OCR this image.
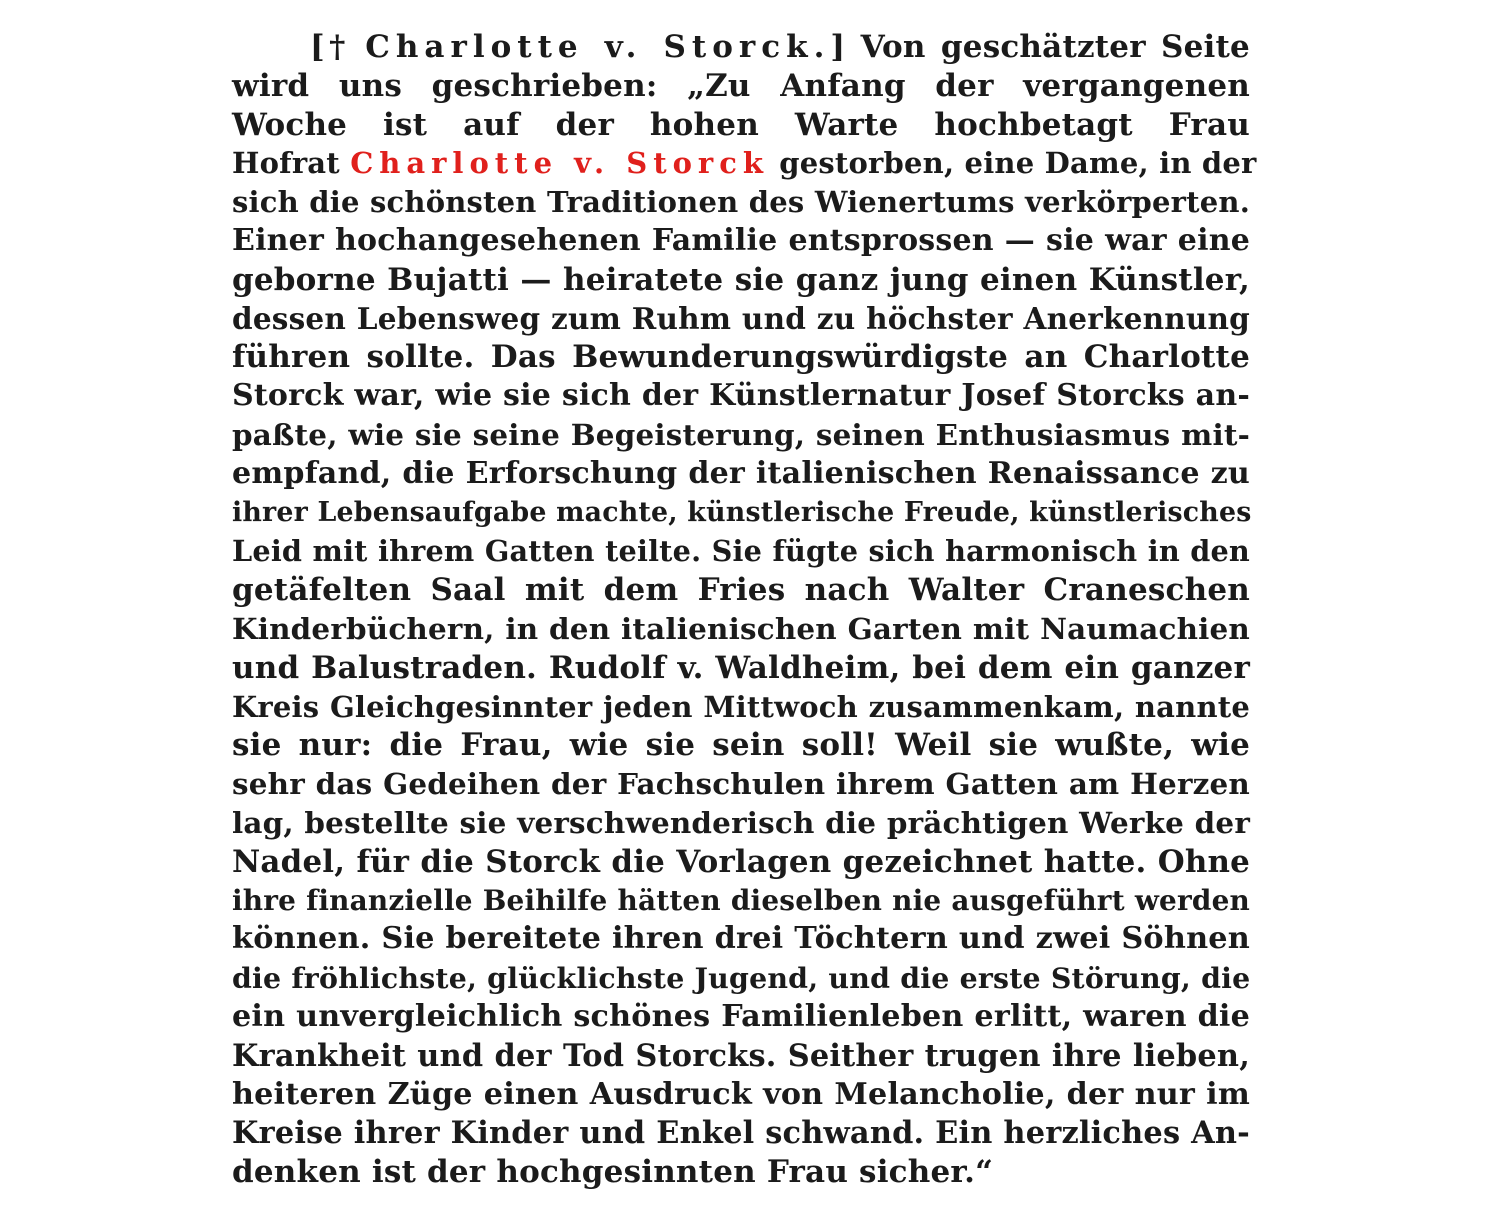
[† Charlotte v. Storck.] Von geschätzter Seite
wird uns geschrieben: „Zu Anfang der vergangenen
Woche ist auf der hohen Warte hochbetagt Frau
Hofrat Charlotte v. Storck gestorben, eine Dame, in der
sich die schönsten Traditionen des Wienertums verkörperten.
Einer hochangesehenen Familie entsprossen — sie war eine
geborne Bujatti — heiratete sie ganz jung einen Künstler,
dessen Lebensweg zum Ruhm und zu höchster Anerkennung
führen sollte. Das Bewunderungswürdigste an Charlotte
Storck war, wie sie sich der Künstlernatur Josef Storcks an-
paßte, wie sie seine Begeisterung, seinen Enthusiasmus mit-
empfand, die Erforschung der italienischen Renaissance zu
ihrer Lebensaufgabe machte, künstlerische Freude, künstlerisches
Leid mit ihrem Gatten teilte. Sie fügte sich harmonisch in den
getäfelten Saal mit dem Fries nach Walter Craneschen
Kinderbüchern, in den italienischen Garten mit Naumachien
und Balustraden. Rudolf v. Waldheim, bei dem ein ganzer
Kreis Gleichgesinnter jeden Mittwoch zusammenkam, nannte
sie nur: die Frau, wie sie sein soll! Weil sie wußte, wie
sehr das Gedeihen der Fachschulen ihrem Gatten am Herzen
lag, bestellte sie verschwenderisch die prächtigen Werke der
Nadel, für die Storck die Vorlagen gezeichnet hatte. Ohne
ihre finanzielle Beihilfe hätten dieselben nie ausgeführt werden
können. Sie bereitete ihren drei Töchtern und zwei Söhnen
die fröhlichste, glücklichste Jugend, und die erste Störung, die
ein unvergleichlich schönes Familienleben erlitt, waren die
Krankheit und der Tod Storcks. Seither trugen ihre lieben,
heiteren Züge einen Ausdruck von Melancholie, der nur im
Kreise ihrer Kinder und Enkel schwand. Ein herzliches An-
denken ist der hochgesinnten Frau sicher.“
